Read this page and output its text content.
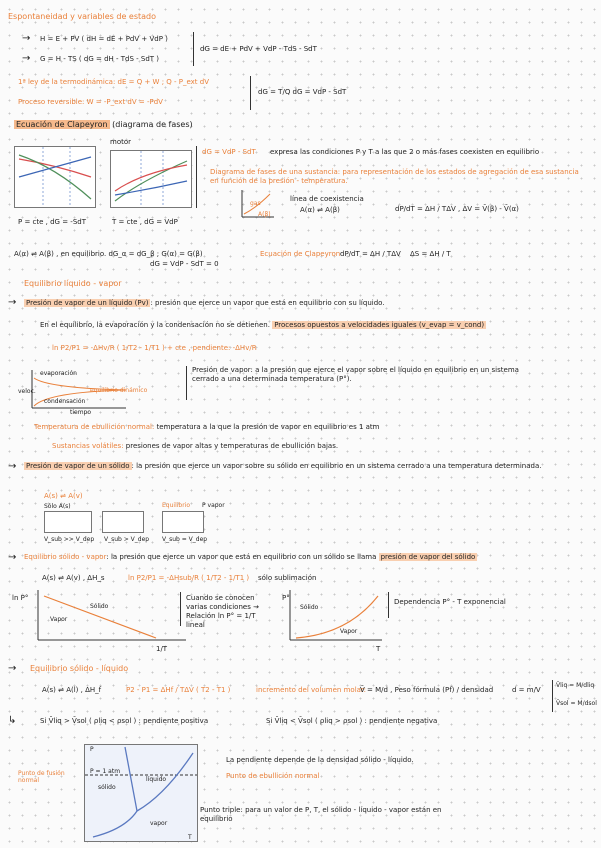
Espontaneidad y variables de estado
→ H = E + PV ( dH = dE + PdV + VdP )
→ G = H - TS ( dG = dH - TdS - SdT )
dG = dE + PdV + VdP - TdS - SdT
1ª ley de la termodinámica: dE = Q + W ; Q - P_ext dV
Proceso reversible: W = -P_ext dV = -PdV
dG = T/Q dG = VdP - SdT
Ecuación de Clapeyron (diagrama de fases)
motor
P = cte , dG = -SdT	T = cte , dG = VdP
dG = VdP - SdT expresa las condiciones P y T a las que 2 o más fases coexisten en equilibrio
Diagrama de fases de una sustancia: para representación de los estados de agregación de esa sustancia en función de la presión - temperatura.
gas
A(β)
línea de coexistencia
A(α) ⇌ A(β)	dP/dT = ΔH / TΔV , ΔV = V̄(β) - V̄(α)
A(α) ⇌ A(β) , en equilibrio. dG_α = dG_β ; G(α) = G(β)
dG = VdP - SdT = 0
Ecuación de Clapeyron dP/dT = ΔH / TΔV ΔS = ΔH / T
Equilibrio líquido - vapor
→ Presión de vapor de un líquido (Pv) : presión que ejerce un vapor que está en equilibrio con su líquido.
En el equilibrio, la evaporación y la condensación no se detienen. Procesos opuestos a velocidades iguales (v_evap = v_cond)
ln P2/P1 = -ΔHv/R ( 1/T2 - 1/T1 ) + cte , pendiente: -ΔHv/R
veloc.
evaporación
equilibrio dinámico
condensación
tiempo
Presión de vapor: a la presión que ejerce el vapor sobre el líquido en equilibrio en un sistema cerrado a una determinada temperatura (P°).
Temperatura de ebullición normal: temperatura a la que la presión de vapor en equilibrio es 1 atm
Sustancias volátiles: presiones de vapor altas y temperaturas de ebullición bajas.
→ Presión de vapor de un sólido : la presión que ejerce un vapor sobre su sólido en equilibrio en un sistema cerrado a una temperatura determinada.
A(s) ⇌ A(v)
Sólo A(s)	Equilibrio P vapor
V_sub >> V_dep V_sub > V_dep V_sub = V_dep
→ Equilibrio sólido - vapor: la presión que ejerce un vapor que está en equilibrio con un sólido se llama presión de vapor del sólido
A(s) ⇌ A(v) , ΔH_s	ln P2/P1 = -ΔHsub/R ( 1/T2 - 1/T1 ) sólo sublimación
ln P°
Sólido
Vapor
1/T
Cuando se conocen varias condiciones → Relación ln P° = 1/T lineal
P°
Sólido
Vapor
T
Dependencia P° - T exponencial
→ Equilibrio sólido - líquido
A(s) ⇌ A(l) , ΔH_f	P2 - P1 = ΔHf / TΔV ( T2 - T1 )	incremento del volumen molar:
V̄ = M/d , Peso fórmula (Pf) / densidad	d = m/V
V̄liq = M/dliq
V̄sol = M/dsol
↳	Si V̄liq > V̄sol ( ρliq < ρsol ) : pendiente positiva	Si V̄liq < V̄sol ( ρliq > ρsol ) : pendiente negativa
P
T
P = 1 atm
sólido
líquido
vapor
Punto de fusión normal
La pendiente depende de la densidad sólido - líquido.
Punto de ebullición normal
Punto triple: para un valor de P, T, el sólido - líquido - vapor están en equilibrio
